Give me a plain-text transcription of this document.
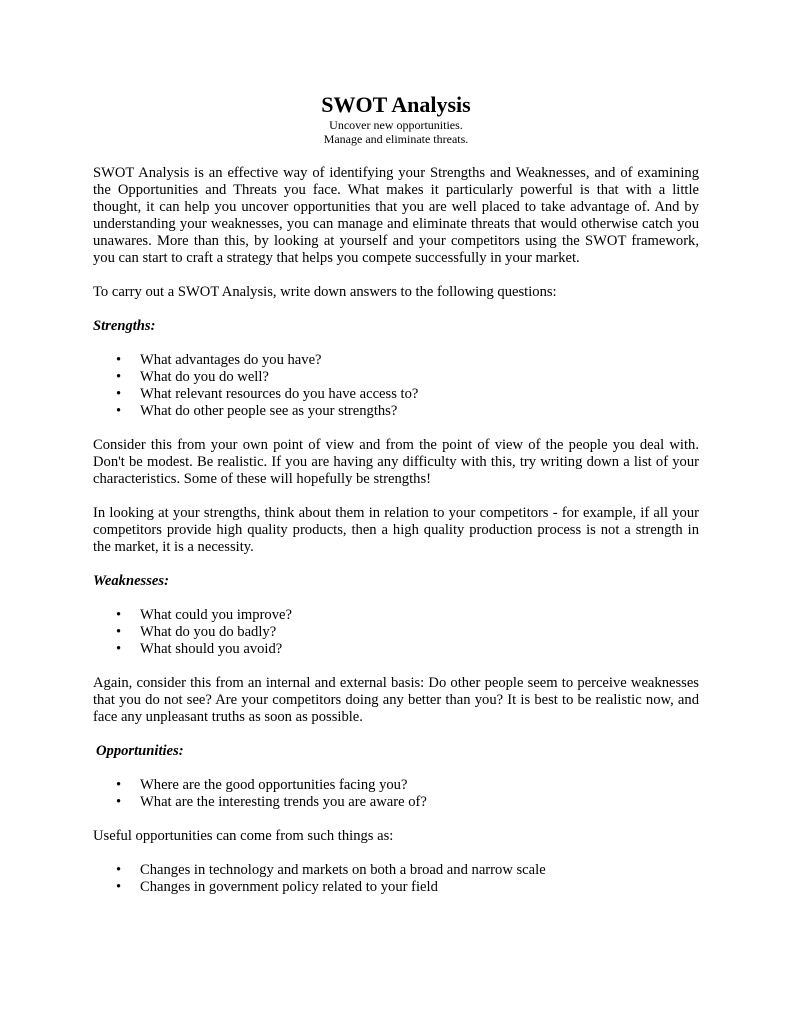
SWOT Analysis

Uncover new opportunities.

Manage and eliminate threats.

SWOT Analysis is an effective way of identifying your Strengths and Weaknesses, and of examining the Opportunities and Threats you face. What makes it particularly powerful is that with a little thought, it can help you uncover opportunities that you are well placed to take advantage of. And by understanding your weaknesses, you can manage and eliminate threats that would otherwise catch you unawares. More than this, by looking at yourself and your competitors using the SWOT framework, you can start to craft a strategy that helps you compete successfully in your market.

To carry out a SWOT Analysis, write down answers to the following questions:

Strengths:

• What advantages do you have?
• What do you do well?
• What relevant resources do you have access to?
• What do other people see as your strengths?

Consider this from your own point of view and from the point of view of the people you deal with. Don't be modest. Be realistic. If you are having any difficulty with this, try writing down a list of your characteristics. Some of these will hopefully be strengths!

In looking at your strengths, think about them in relation to your competitors - for example, if all your competitors provide high quality products, then a high quality production process is not a strength in the market, it is a necessity.

Weaknesses:

• What could you improve?
• What do you do badly?
• What should you avoid?

Again, consider this from an internal and external basis: Do other people seem to perceive weaknesses that you do not see? Are your competitors doing any better than you? It is best to be realistic now, and face any unpleasant truths as soon as possible.

Opportunities:

• Where are the good opportunities facing you?
• What are the interesting trends you are aware of?

Useful opportunities can come from such things as:

• Changes in technology and markets on both a broad and narrow scale
• Changes in government policy related to your field
